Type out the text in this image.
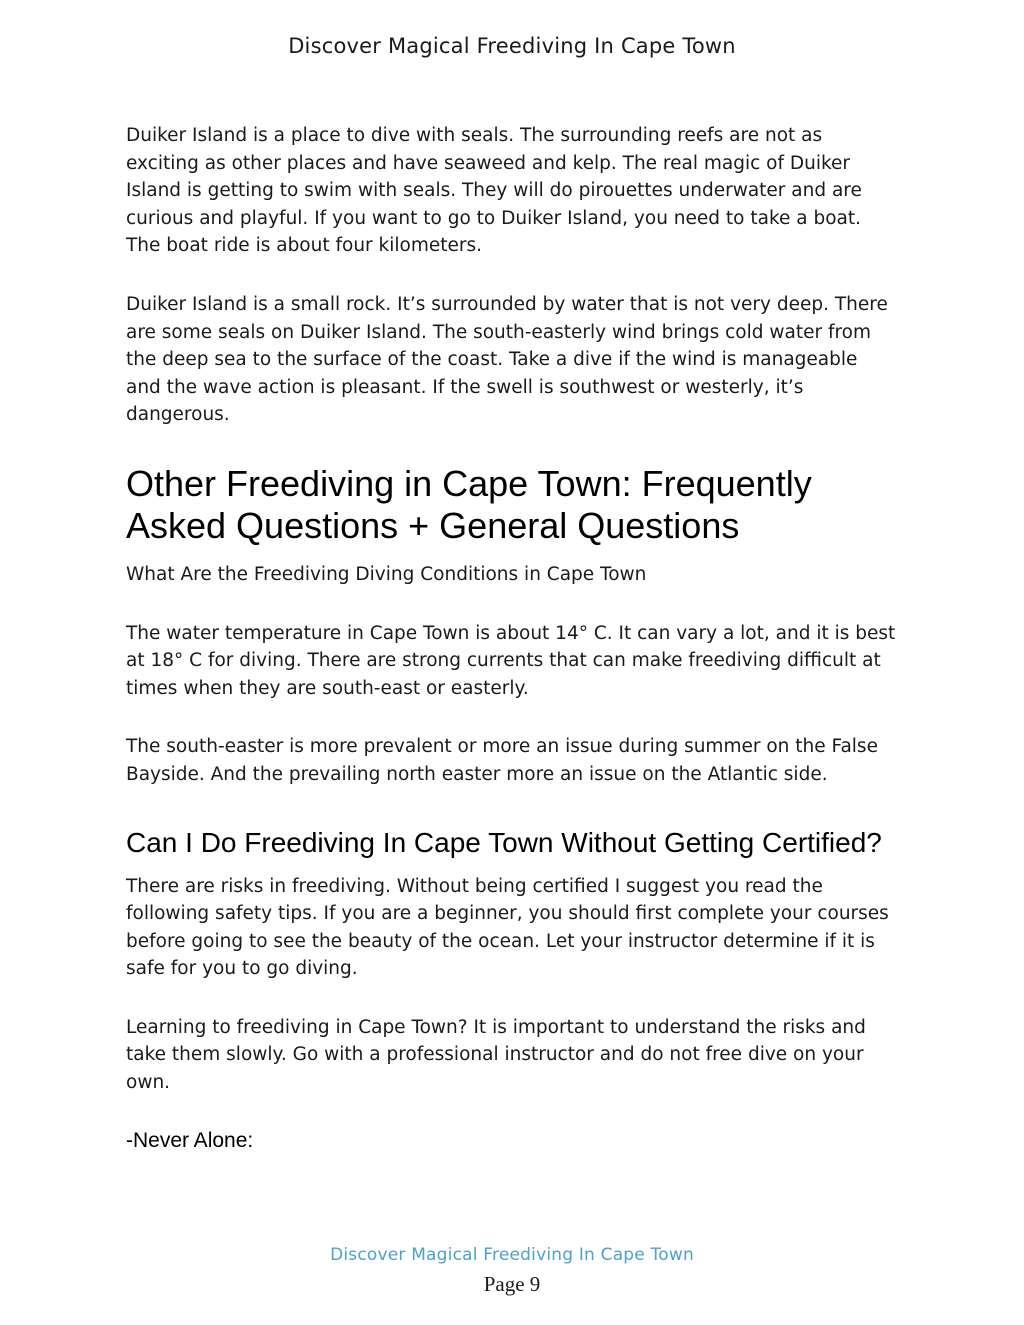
Discover Magical Freediving In Cape Town

Duiker Island is a place to dive with seals. The surrounding reefs are not as exciting as other places and have seaweed and kelp. The real magic of Duiker Island is getting to swim with seals. They will do pirouettes underwater and are curious and playful. If you want to go to Duiker Island, you need to take a boat. The boat ride is about four kilometers.

Duiker Island is a small rock. It’s surrounded by water that is not very deep. There are some seals on Duiker Island. The south-easterly wind brings cold water from the deep sea to the surface of the coast. Take a dive if the wind is manageable and the wave action is pleasant. If the swell is southwest or westerly, it’s dangerous.

Other Freediving in Cape Town: Frequently Asked Questions + General Questions

What Are the Freediving Diving Conditions in Cape Town

The water temperature in Cape Town is about 14° C. It can vary a lot, and it is best at 18° C for diving. There are strong currents that can make freediving difficult at times when they are south-east or easterly.

The south-easter is more prevalent or more an issue during summer on the False Bayside. And the prevailing north easter more an issue on the Atlantic side.

Can I Do Freediving In Cape Town Without Getting Certified?

There are risks in freediving. Without being certified I suggest you read the following safety tips. If you are a beginner, you should first complete your courses before going to see the beauty of the ocean. Let your instructor determine if it is safe for you to go diving.

Learning to freediving in Cape Town? It is important to understand the risks and take them slowly. Go with a professional instructor and do not free dive on your own.

-Never Alone:

Discover Magical Freediving In Cape Town
Page 9
